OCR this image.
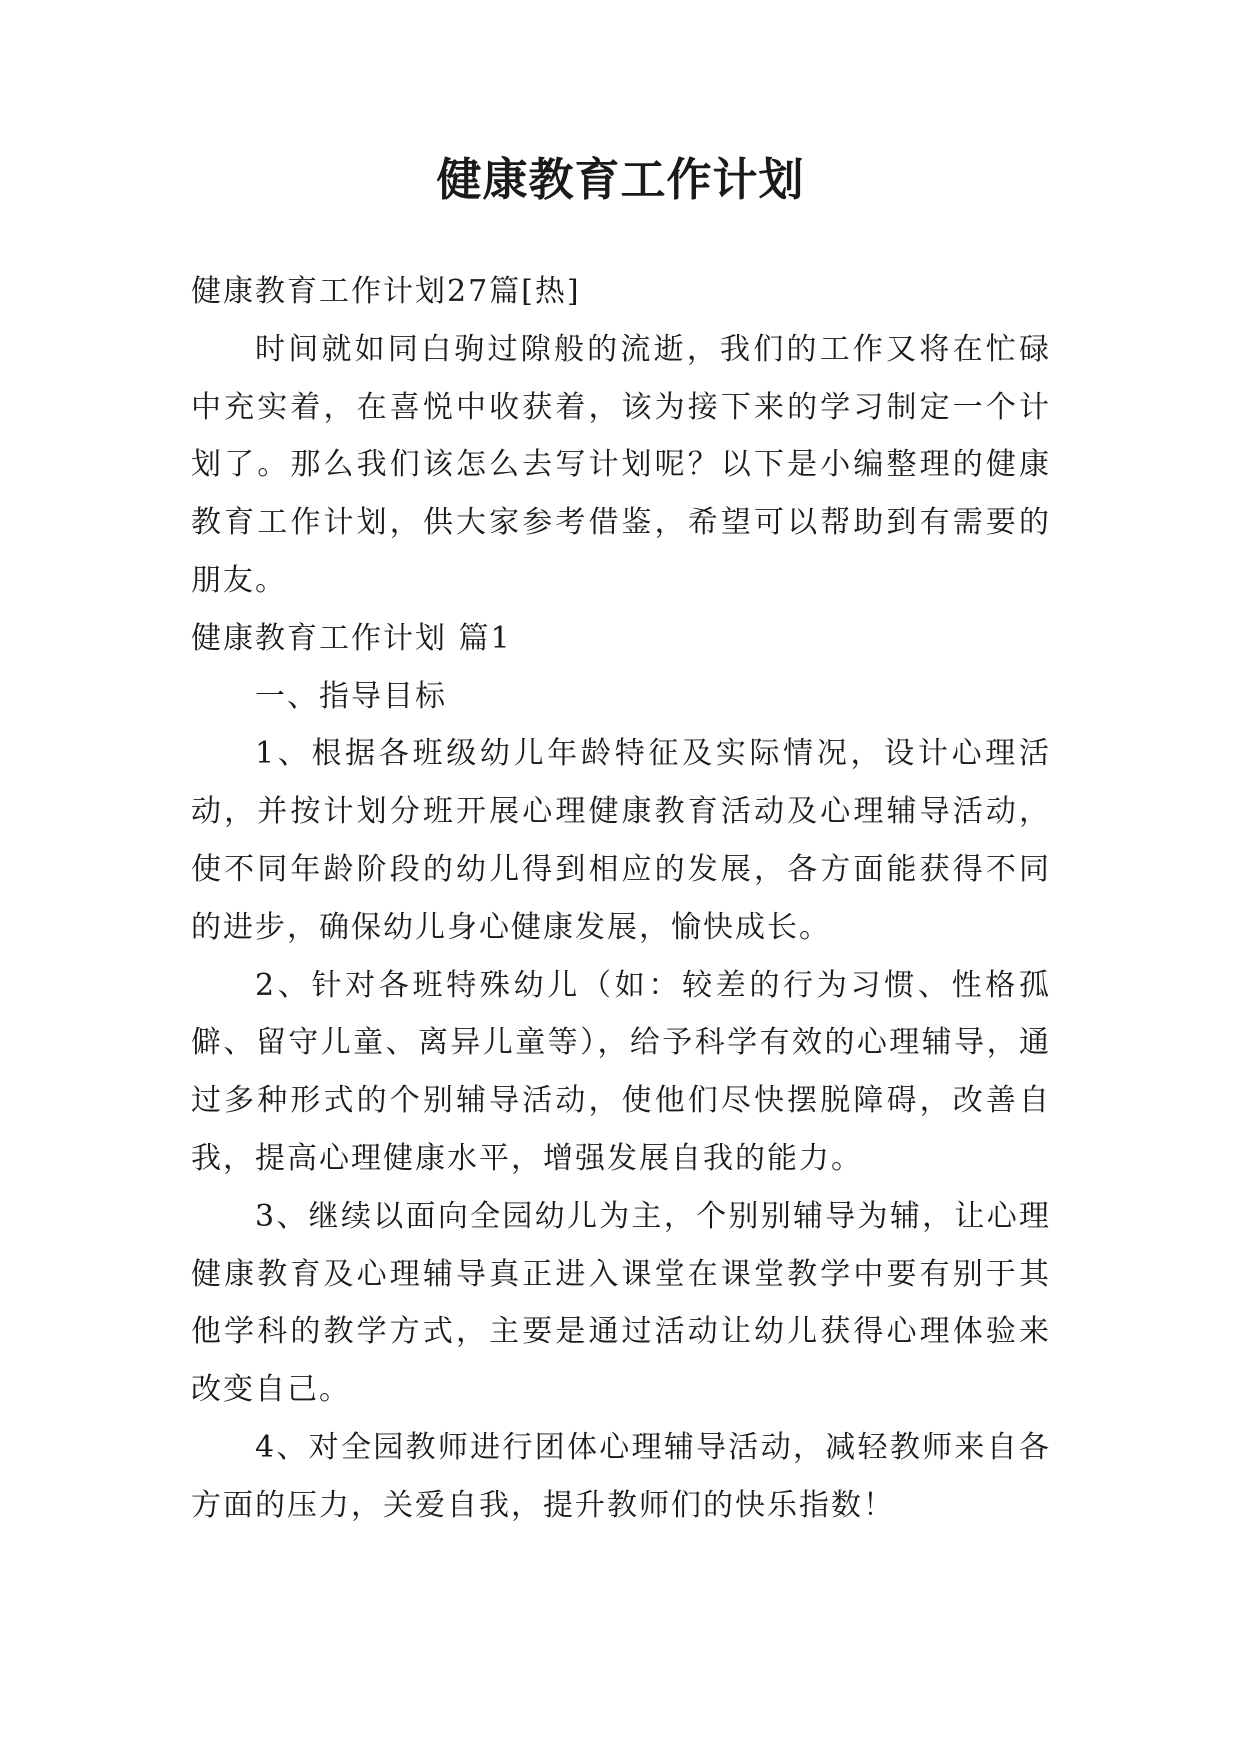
健康教育工作计划

健康教育工作计划27篇[热]

时间就如同白驹过隙般的流逝，我们的工作又将在忙碌中充实着，在喜悦中收获着，该为接下来的学习制定一个计划了。那么我们该怎么去写计划呢？以下是小编整理的健康教育工作计划，供大家参考借鉴，希望可以帮助到有需要的朋友。

健康教育工作计划 篇1

一、指导目标

1、根据各班级幼儿年龄特征及实际情况，设计心理活动，并按计划分班开展心理健康教育活动及心理辅导活动，使不同年龄阶段的幼儿得到相应的发展，各方面能获得不同的进步，确保幼儿身心健康发展，愉快成长。

2、针对各班特殊幼儿（如：较差的行为习惯、性格孤僻、留守儿童、离异儿童等），给予科学有效的心理辅导，通过多种形式的个别辅导活动，使他们尽快摆脱障碍，改善自我，提高心理健康水平，增强发展自我的能力。

3、继续以面向全园幼儿为主，个别别辅导为辅，让心理健康教育及心理辅导真正进入课堂在课堂教学中要有别于其他学科的教学方式，主要是通过活动让幼儿获得心理体验来改变自己。

4、对全园教师进行团体心理辅导活动，减轻教师来自各方面的压力，关爱自我，提升教师们的快乐指数！
